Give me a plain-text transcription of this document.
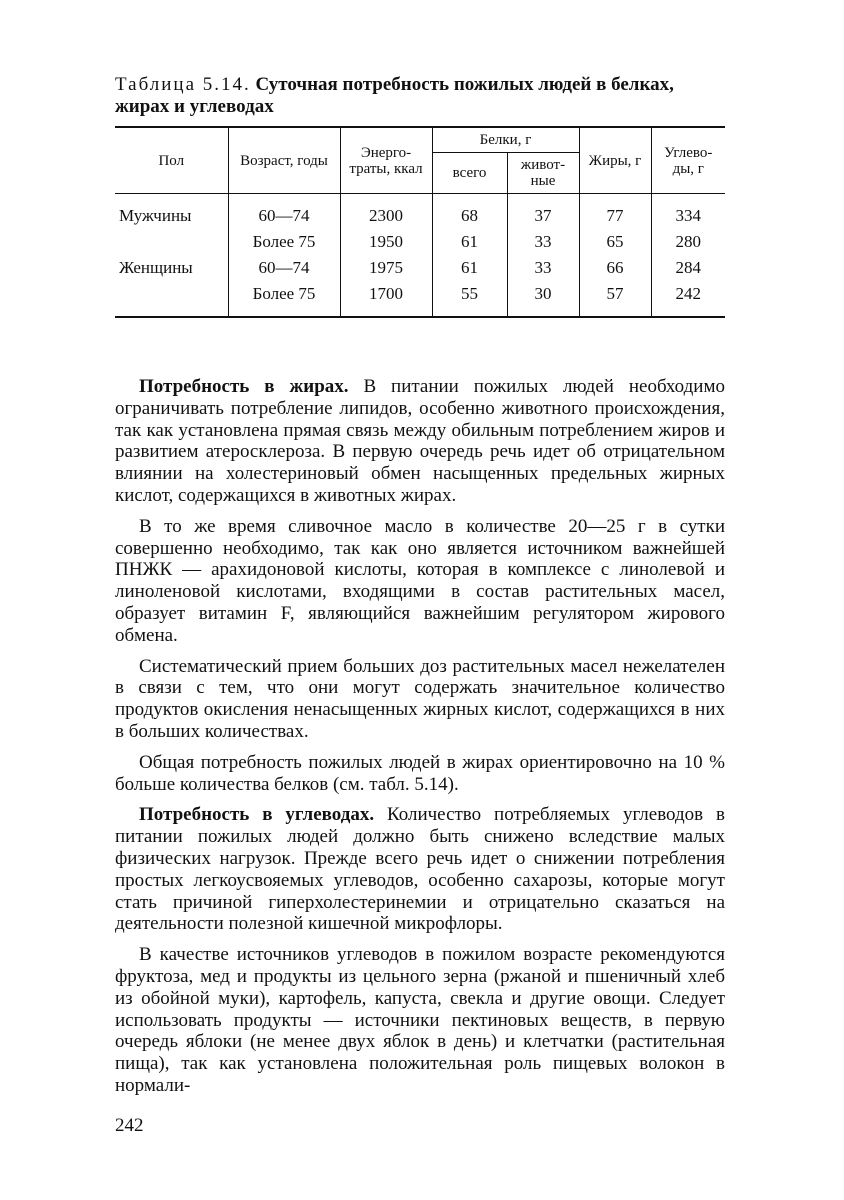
Таблица 5.14. Суточная потребность пожилых людей в белках, жирах и углеводах
Пол	Возраст, годы	Энерго-траты, ккал	Белки, г		Жиры, г	Углево-ды, г
			всего	живот-ные		
Мужчины	60—74	2300	68	37	77	334
	Более 75	1950	61	33	65	280
Женщины	60—74	1975	61	33	66	284
	Более 75	1700	55	30	57	242

Потребность в жирах. В питании пожилых людей необходимо ограничивать потребление липидов, особенно животного происхождения, так как установлена прямая связь между обильным потреблением жиров и развитием атеросклероза. В первую очередь речь идет об отрицательном влиянии на холестериновый обмен насыщенных предельных жирных кислот, содержащихся в животных жирах.

В то же время сливочное масло в количестве 20—25 г в сутки совершенно необходимо, так как оно является источником важнейшей ПНЖК — арахидоновой кислоты, которая в комплексе с линолевой и линоленовой кислотами, входящими в состав растительных масел, образует витамин F, являющийся важнейшим регулятором жирового обмена.

Систематический прием больших доз растительных масел нежелателен в связи с тем, что они могут содержать значительное количество продуктов окисления ненасыщенных жирных кислот, содержащихся в них в больших количествах.

Общая потребность пожилых людей в жирах ориентировочно на 10 % больше количества белков (см. табл. 5.14).

Потребность в углеводах. Количество потребляемых углеводов в питании пожилых людей должно быть снижено вследствие малых физических нагрузок. Прежде всего речь идет о снижении потребления простых легкоусвояемых углеводов, особенно сахарозы, которые могут стать причиной гиперхолестеринемии и отрицательно сказаться на деятельности полезной кишечной микрофлоры.

В качестве источников углеводов в пожилом возрасте рекомендуются фруктоза, мед и продукты из цельного зерна (ржаной и пшеничный хлеб из обойной муки), картофель, капуста, свекла и другие овощи. Следует использовать продукты — источники пектиновых веществ, в первую очередь яблоки (не менее двух яблок в день) и клетчатки (растительная пища), так как установлена положительная роль пищевых волокон в нормали-

242
